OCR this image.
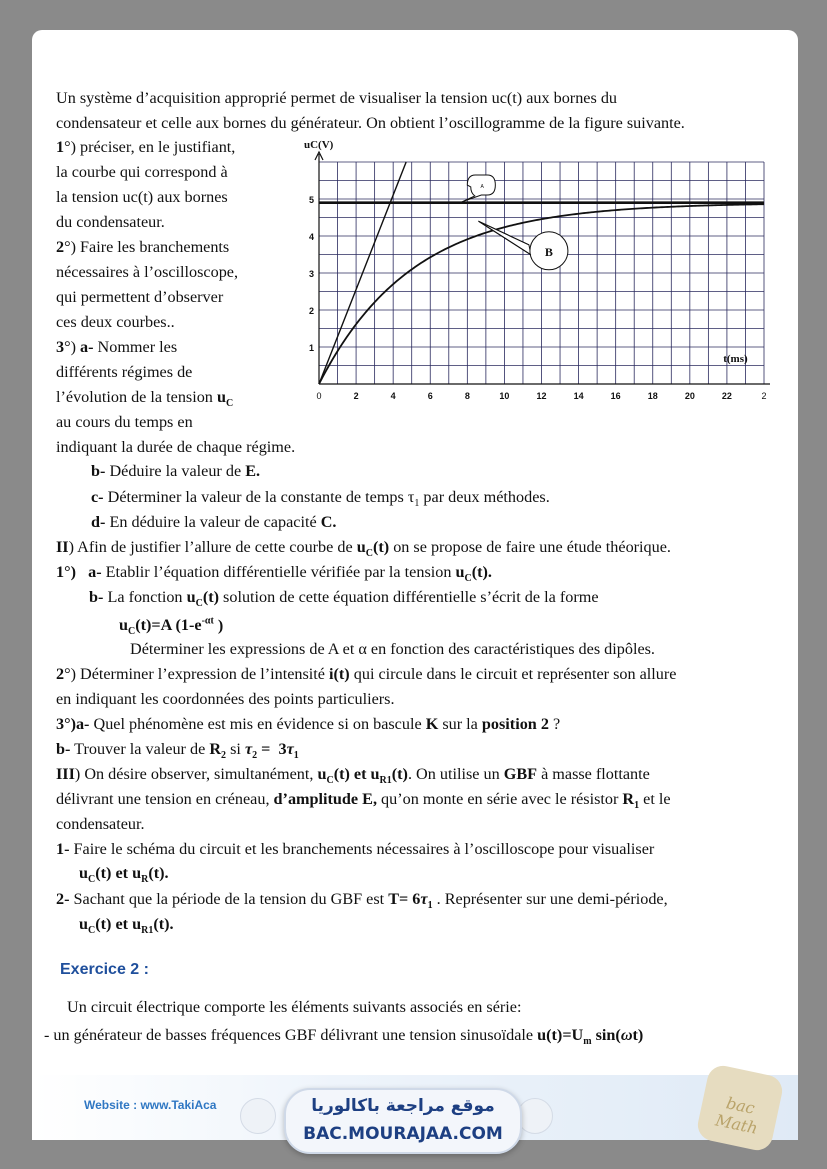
Un système d’acquisition approprié permet de visualiser la tension uc(t) aux bornes du
condensateur et celle aux bornes du générateur. On obtient l’oscillogramme de la figure suivante.
1°) préciser, en le justifiant,
la courbe qui correspond à
la tension uc(t) aux bornes
du condensateur.
2°) Faire les branchements
nécessaires à l’oscilloscope,
qui permettent d’observer
ces deux courbes..
3°) a- Nommer les
différents régimes de
l’évolution de la tension $u_C$
au cours du temps en
indiquant la durée de chaque régime.
b- Déduire la valeur de E.
c- Déterminer la valeur de la constante de temps $\tau_1$ par deux méthodes.
d- En déduire la valeur de capacité C.
II) Afin de justifier l’allure de cette courbe de $u_C(t)$ on se propose de faire une étude théorique.
1°) a- Etablir l’équation différentielle vérifiée par la tension $u_C(t)$.
b- La fonction $u_C(t)$ solution de cette équation différentielle s’écrit de la forme
$u_C(t)=A$ ($1-e^{-\alpha t}$ )
Déterminer les expressions de A et α en fonction des caractéristiques des dipôles.
2°) Déterminer l’expression de l’intensité i(t) qui circule dans le circuit et représenter son allure
en indiquant les coordonnées des points particuliers.
3°)a- Quel phénomène est mis en évidence si on bascule K sur la position 2 ?
b- Trouver la valeur de $R_2$ si $\tau_2 = 3\tau_1$
III) On désire observer, simultanément, $u_C(t)$ et $u_{R1}(t)$. On utilise un GBF à masse flottante
délivrant une tension en créneau, d’amplitude E, qu’on monte en série avec le résistor $R_1$ et le
condensateur.
1- Faire le schéma du circuit et les branchements nécessaires à l’oscilloscope pour visualiser
$u_C(t)$ et $u_R(t)$.
2- Sachant que la période de la tension du GBF est $T= 6\tau_1$ . Représenter sur une demi-période,
$u_C(t)$ et $u_{R1}(t)$.
Exercice 2 :
Un circuit électrique comporte les éléments suivants associés en série:
- un générateur de basses fréquences GBF délivrant une tension sinusoïdale $u(t)=U_m$ sin(ωt)
0	2	4	6	8	10	12	14	16	18	20	22	2
1
2
3
4
5
uC(V)
t(ms)
A
B
Website : www.TakiAca	موقع مراجعة باكالوريا
BAC.MOURAJAA.COM
bac Math
